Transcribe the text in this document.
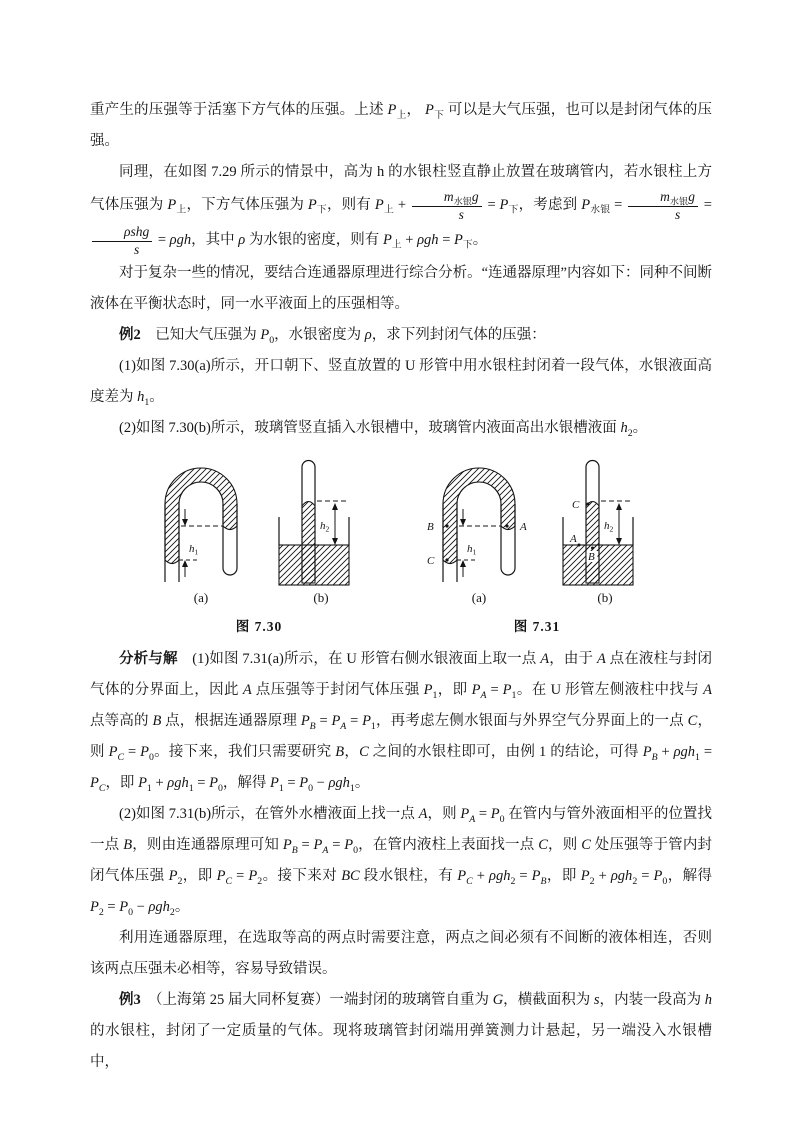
重产生的压强等于活塞下方气体的压强。上述 $P_上$， $P_下$ 可以是大气压强，也可以是封闭气体的压强。

同理，在如图 7.29 所示的情景中，高为 h 的水银柱竖直静止放置在玻璃管内，若水银柱上方气体压强为 $P_上$，下方气体压强为 $P_下$，则有 $P_上 + \frac{m_{水银}g}{s} = P_下$，考虑到 $P_{水银} = \frac{m_{水银}g}{s}$ =
$\frac{\text{ρshg}}{s} = \rho gh$，其中 ρ 为水银的密度，则有 $P_上 + \rho gh = P_下$。

对于复杂一些的情况，要结合连通器原理进行综合分析。“连通器原理”内容如下：同种不间断液体在平衡状态时，同一水平液面上的压强相等。

例2　已知大气压强为 $P_0$，水银密度为 ρ，求下列封闭气体的压强：

(1)如图 7.30(a)所示，开口朝下、竖直放置的 U 形管中用水银柱封闭着一段气体，水银液面高度差为 $h_1$。

(2)如图 7.30(b)所示，玻璃管竖直插入水银槽中，玻璃管内液面高出水银槽液面 $h_2$。

$h_1$
(a)
$h_2$
(b)
图 7.30
$h_1$
B	A
C
(a)
$h_2$
C
A
B
(b)
图 7.31

分析与解　(1)如图 7.31(a)所示，在 U 形管右侧水银液面上取一点 A，由于 A 点在液柱与封闭气体的分界面上，因此 A 点压强等于封闭气体压强 $P_1$，即 $P_A = P_1$。在 U 形管左侧液柱中找与 A 点等高的 B 点，根据连通器原理 $P_B = P_A = P_1$，再考虑左侧水银面与外界空气分界面上的一点 C，则 $P_C = P_0$。接下来，我们只需要研究 B，C 之间的水银柱即可，由例 1 的结论，可得 $P_B + \rho gh_1 = P_C$，即 $P_1 + \rho gh_1 = P_0$，解得 $P_1 = P_0 - \rho gh_1$。

(2)如图 7.31(b)所示，在管外水槽液面上找一点 A，则 $P_A = P_0$ 在管内与管外液面相平的位置找一点 B，则由连通器原理可知 $P_B = P_A = P_0$，在管内液柱上表面找一点 C，则 C 处压强等于管内封闭气体压强 $P_2$，即 $P_C = P_2$。接下来对 BC 段水银柱，有 $P_C + \rho gh_2 = P_B$，即 $P_2 + \rho gh_2 = P_0$，解得 $P_2 = P_0 - \rho gh_2$。

利用连通器原理，在选取等高的两点时需要注意，两点之间必须有不间断的液体相连，否则该两点压强未必相等，容易导致错误。

例3　（上海第 25 届大同杯复赛）一端封闭的玻璃管自重为 G，横截面积为 s，内装一段高为 h 的水银柱，封闭了一定质量的气体。现将玻璃管封闭端用弹簧测力计悬起，另一端没入水银槽中，
